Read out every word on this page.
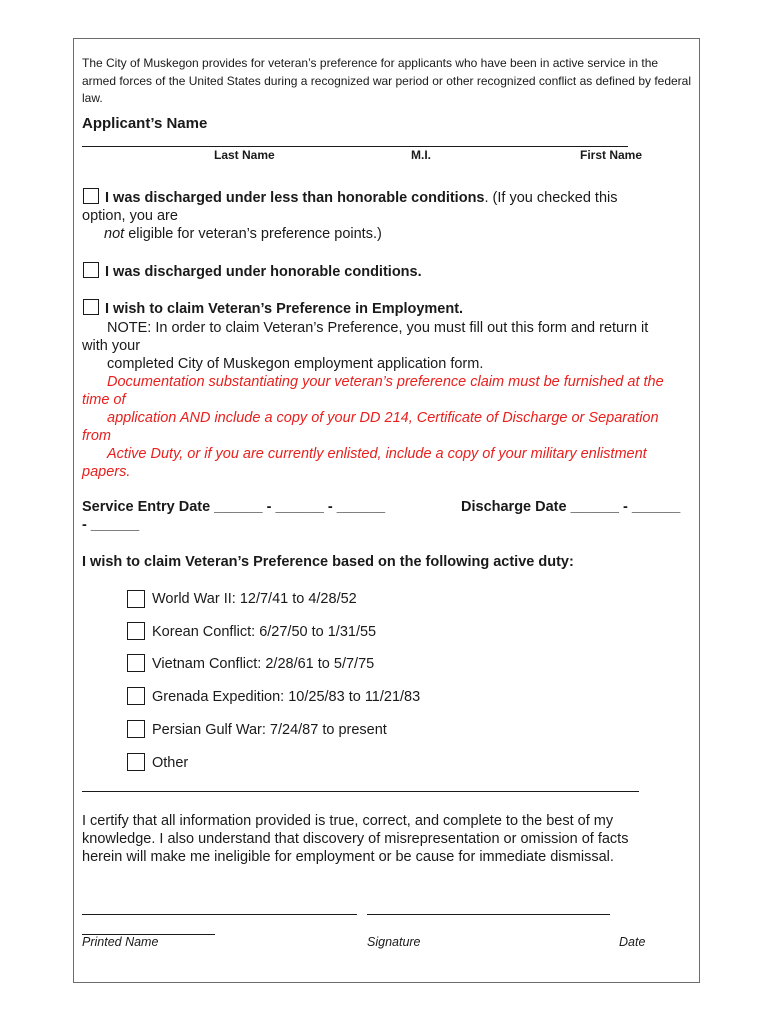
The City of Muskegon provides for veteran’s preference for applicants who have been in active service in the armed forces of the United States during a recognized war period or other recognized conflict as defined by federal law.
Applicant’s Name
Last Name	M.I.	First Name
I was discharged under less than honorable conditions. (If you checked this
option, you are
not eligible for veteran’s preference points.)
I was discharged under honorable conditions.
I wish to claim Veteran’s Preference in Employment.
NOTE: In order to claim Veteran’s Preference, you must fill out this form and return it
with your
completed City of Muskegon employment application form.
Documentation substantiating your veteran’s preference claim must be furnished at the
time of
application AND include a copy of your DD 214, Certificate of Discharge or Separation
from
Active Duty, or if you are currently enlisted, include a copy of your military enlistment
papers.
Service Entry Date ______ - ______ - ______	Discharge Date ______ - ______
- ______
I wish to claim Veteran’s Preference based on the following active duty:
World War II: 12/7/41 to 4/28/52
Korean Conflict: 6/27/50 to 1/31/55
Vietnam Conflict: 2/28/61 to 5/7/75
Grenada Expedition: 10/25/83 to 11/21/83
Persian Gulf War: 7/24/87 to present
Other
I certify that all information provided is true, correct, and complete to the best of my
knowledge. I also understand that discovery of misrepresentation or omission of facts
herein will make me ineligible for employment or be cause for immediate dismissal.
Printed Name	Signature	Date
